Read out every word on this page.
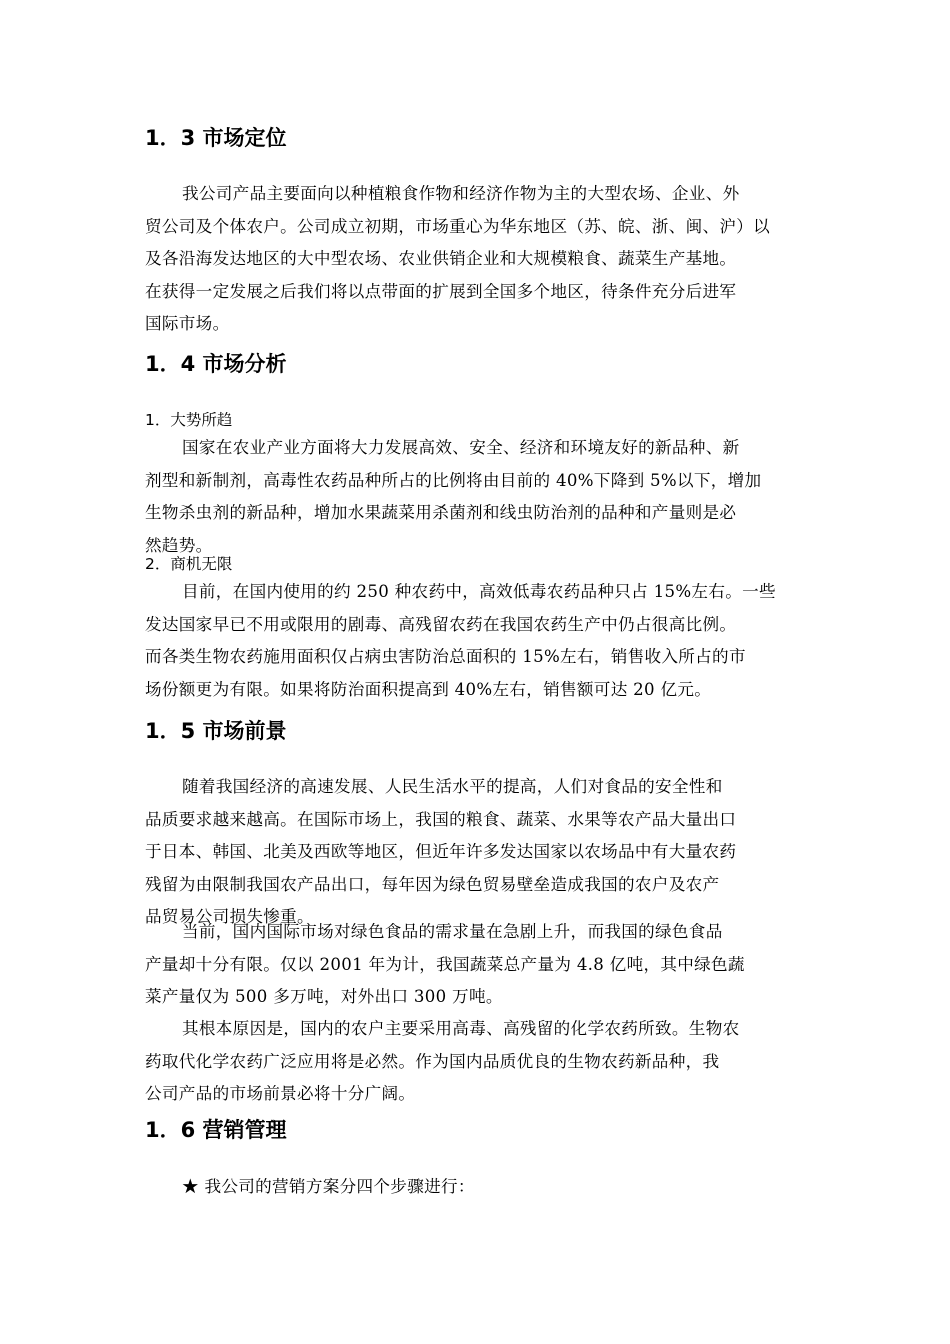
1．3 市场定位
我公司产品主要面向以种植粮食作物和经济作物为主的大型农场、企业、外
贸公司及个体农户。公司成立初期，市场重心为华东地区（苏、皖、浙、闽、沪）以
及各沿海发达地区的大中型农场、农业供销企业和大规模粮食、蔬菜生产基地。
在获得一定发展之后我们将以点带面的扩展到全国多个地区，待条件充分后进军
国际市场。
1．4 市场分析
1．大势所趋
国家在农业产业方面将大力发展高效、安全、经济和环境友好的新品种、新
剂型和新制剂，高毒性农药品种所占的比例将由目前的 40%下降到 5%以下，增加
生物杀虫剂的新品种，增加水果蔬菜用杀菌剂和线虫防治剂的品种和产量则是必
然趋势。
2．商机无限
目前，在国内使用的约 250 种农药中，高效低毒农药品种只占 15%左右。一些
发达国家早已不用或限用的剧毒、高残留农药在我国农药生产中仍占很高比例。
而各类生物农药施用面积仅占病虫害防治总面积的 15%左右，销售收入所占的市
场份额更为有限。如果将防治面积提高到 40%左右，销售额可达 20 亿元。
1．5 市场前景
随着我国经济的高速发展、人民生活水平的提高，人们对食品的安全性和
品质要求越来越高。在国际市场上，我国的粮食、蔬菜、水果等农产品大量出口
于日本、韩国、北美及西欧等地区，但近年许多发达国家以农场品中有大量农药
残留为由限制我国农产品出口，每年因为绿色贸易壁垒造成我国的农户及农产
品贸易公司损失惨重。
当前，国内国际市场对绿色食品的需求量在急剧上升，而我国的绿色食品
产量却十分有限。仅以 2001 年为计，我国蔬菜总产量为 4.8 亿吨，其中绿色蔬
菜产量仅为 500 多万吨，对外出口 300 万吨。
其根本原因是，国内的农户主要采用高毒、高残留的化学农药所致。生物农
药取代化学农药广泛应用将是必然。作为国内品质优良的生物农药新品种，我
公司产品的市场前景必将十分广阔。
1．6 营销管理
★ 我公司的营销方案分四个步骤进行：
